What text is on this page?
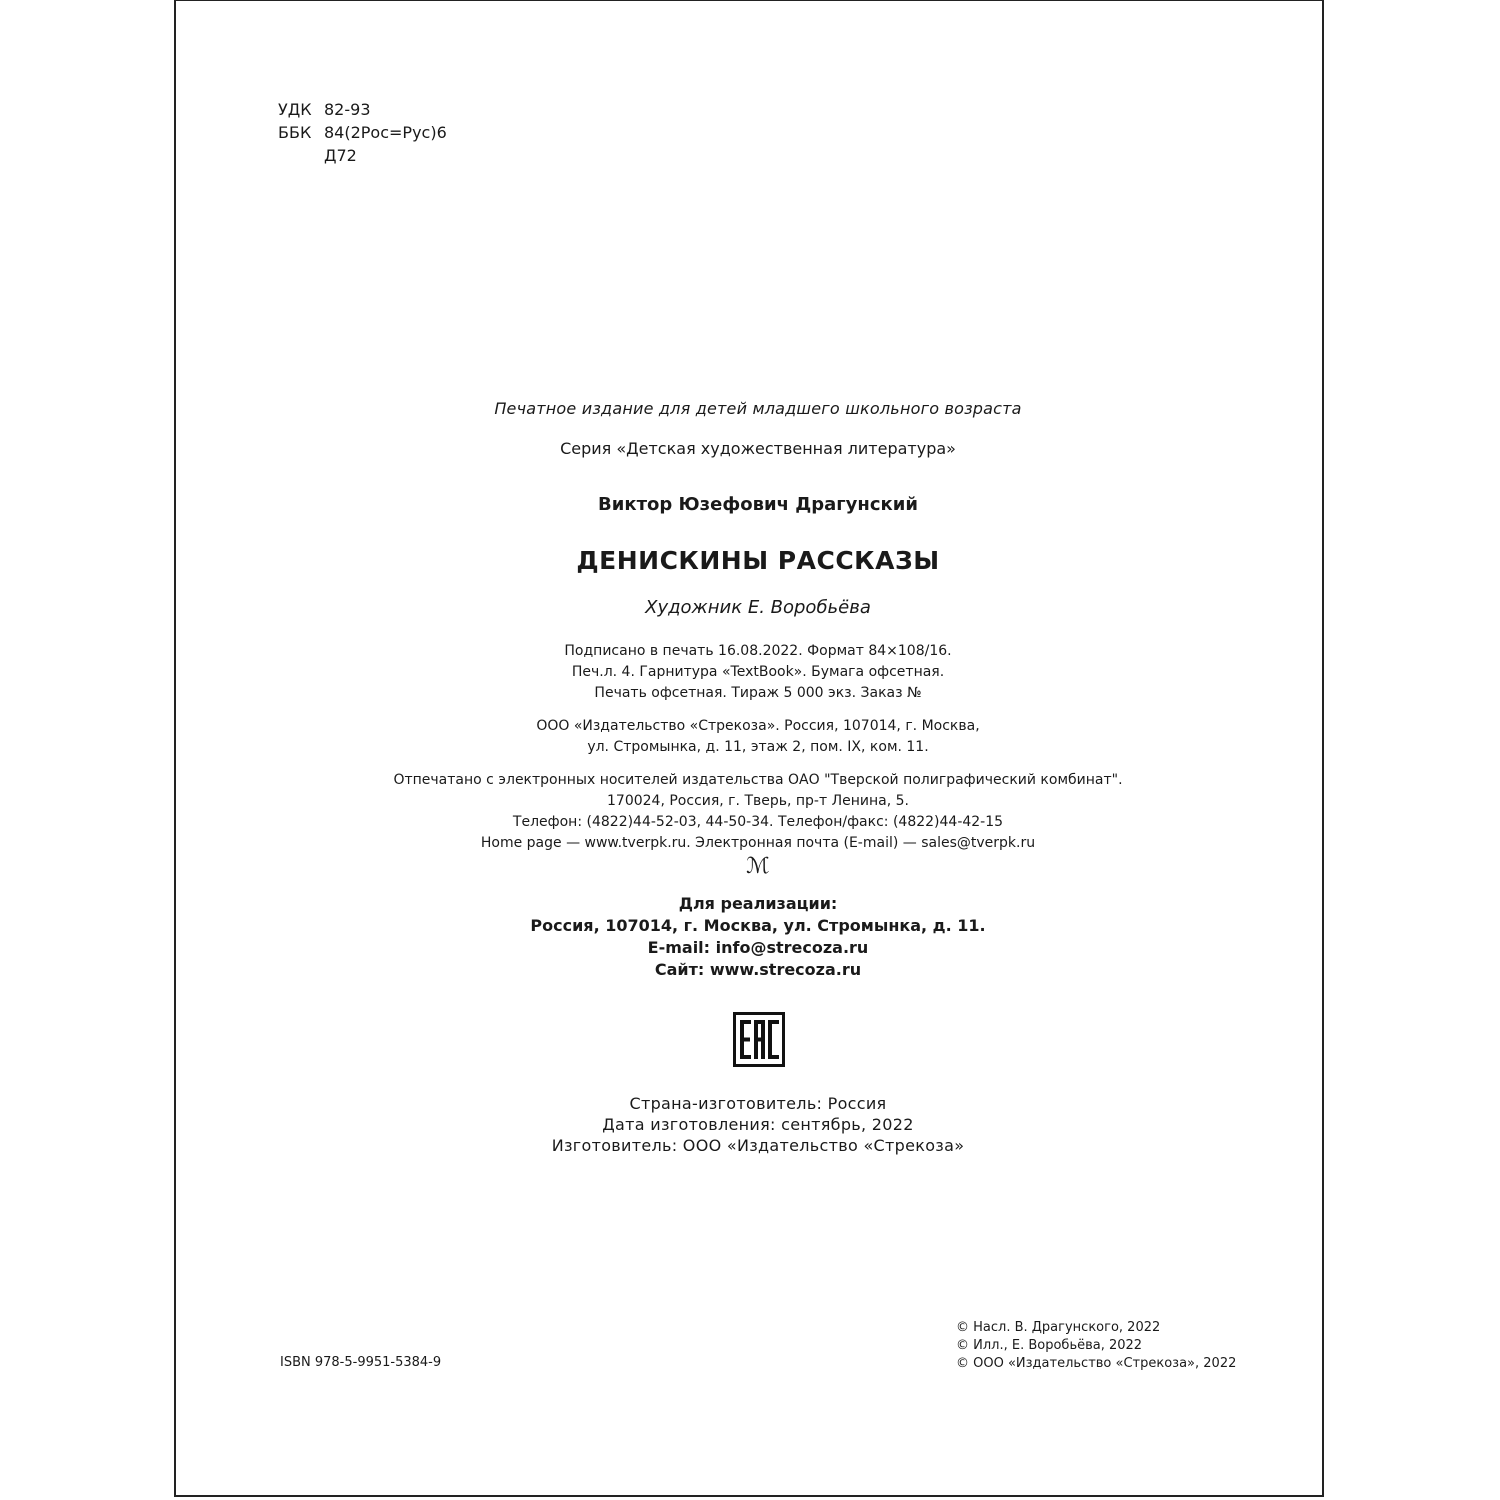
УДК 82-93
ББК 84(2Рос=Рус)6
Д72
Печатное издание для детей младшего школьного возраста
Серия «Детская художественная литература»
Виктор Юзефович Драгунский
ДЕНИСКИНЫ РАССКАЗЫ
Художник Е. Воробьёва
Подписано в печать 16.08.2022. Формат 84×108/16.
Печ.л. 4. Гарнитура «TextBook». Бумага офсетная.
Печать офсетная. Тираж 5 000 экз. Заказ №
ООО «Издательство «Стрекоза». Россия, 107014, г. Москва,
ул. Стромынка, д. 11, этаж 2, пом. IX, ком. 11.
Отпечатано с электронных носителей издательства ОАО "Тверской полиграфический комбинат".
170024, Россия, г. Тверь, пр-т Ленина, 5.
Телефон: (4822)44-52-03, 44-50-34. Телефон/факс: (4822)44-42-15
Home page — www.tverpk.ru. Электронная почта (E-mail) — sales@tverpk.ru
ℳ
Для реализации:
Россия, 107014, г. Москва, ул. Стромынка, д. 11.
E-mail: info@strecoza.ru
Сайт: www.strecoza.ru
EAC
Страна-изготовитель: Россия
Дата изготовления: сентябрь, 2022
Изготовитель: ООО «Издательство «Стрекоза»
ISBN 978-5-9951-5384-9
© Насл. В. Драгунского, 2022
© Илл., Е. Воробьёва, 2022
© ООО «Издательство «Стрекоза», 2022
